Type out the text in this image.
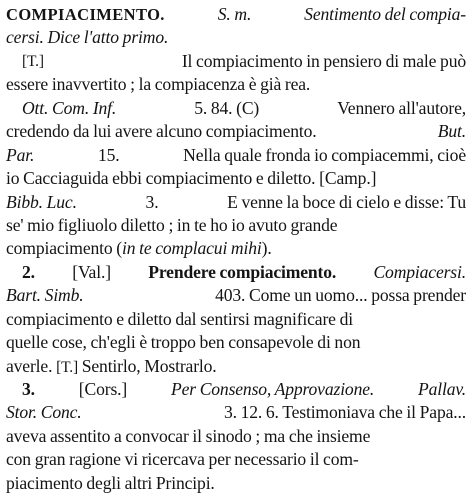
COMPIACIMENTO.	S. m.	Sentimento del compia-
cersi. Dice l'atto primo.
[T.]	Il compiacimento in pensiero di male può
essere inavvertito ; la compiacenza è già rea.
Ott. Com. Inf.	5. 84. (C)	Vennero all'autore,
credendo da lui avere alcuno compiacimento.	But.
Par.	15.	Nella quale fronda io compiacemmi, cioè
io Cacciaguida ebbi compiacimento e diletto. [Camp.]
Bibb. Luc.	3.	E venne la boce di cielo e disse: Tu
se' mio figliuolo diletto ; in te ho io avuto grande
compiacimento (in te complacui mihi).
2. [Val.] Prendere compiacimento. Compiacersi.
Bart. Simb.	403. Come un uomo... possa prender
compiacimento e diletto dal sentirsi magnificare di
quelle cose, ch'egli è troppo ben consapevole di non
averle. [T.] Sentirlo, Mostrarlo.
3. [Cors.] Per Consenso, Approvazione. Pallav.
Stor. Conc.	3. 12. 6. Testimoniava che il Papa...
aveva assentito a convocar il sinodo ; ma che insieme
con gran ragione vi ricercava per necessario il com-
piacimento degli altri Principi.
